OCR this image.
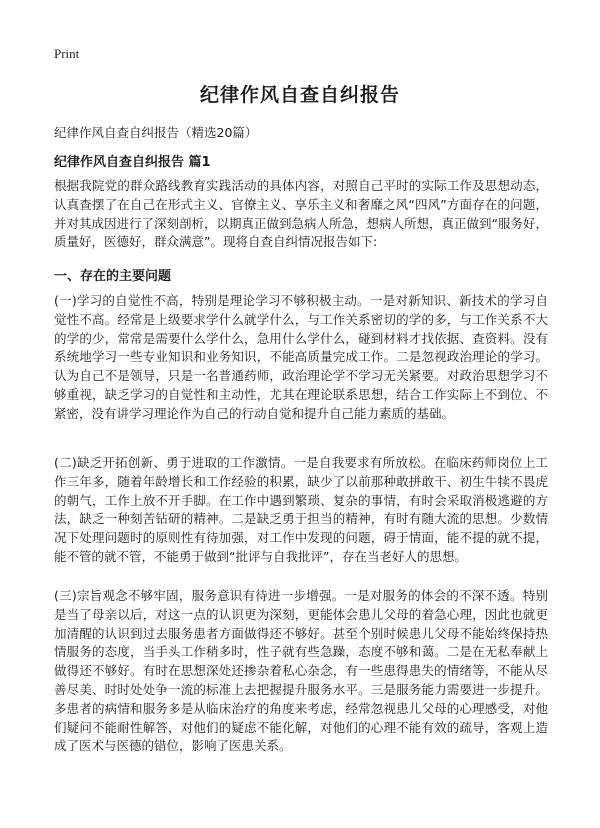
Print
纪律作风自查自纠报告

纪律作风自查自纠报告（精选20篇）

纪律作风自查自纠报告 篇1

根据我院党的群众路线教育实践活动的具体内容，对照自己平时的实际工作及思想动态，认真查摆了在自己在形式主义、官僚主义、享乐主义和奢靡之风“四风”方面存在的问题，并对其成因进行了深刻剖析，以期真正做到急病人所急，想病人所想，真正做到“服务好，质量好，医德好，群众满意”。现将自查自纠情况报告如下:

一、存在的主要问题

(一)学习的自觉性不高，特别是理论学习不够积极主动。一是对新知识、新技术的学习自觉性不高。经常是上级要求学什么就学什么，与工作关系密切的学的多，与工作关系不大的学的少，常常是需要什么学什么，急用什么学什么，碰到材料才找依据、查资料。没有系统地学习一些专业知识和业务知识，不能高质量完成工作。二是忽视政治理论的学习。认为自己不是领导，只是一名普通药师，政治理论学不学习无关紧要。对政治思想学习不够重视，缺乏学习的自觉性和主动性，尤其在理论联系思想，结合工作实际上不到位、不紧密，没有讲学习理论作为自己的行动自觉和提升自己能力素质的基础。

(二)缺乏开拓创新、勇于进取的工作激情。一是自我要求有所放松。在临床药师岗位上工作三年多，随着年龄增长和工作经验的积累，缺少了以前那种敢拼敢干、初生牛犊不畏虎的朝气，工作上放不开手脚。在工作中遇到繁琐、复杂的事情，有时会采取消极逃避的方法，缺乏一种刻苦钻研的精神。二是缺乏勇于担当的精神，有时有随大流的思想。少数情况下处理问题时的原则性有待加强，对工作中发现的问题，碍于情面，能不提的就不提，能不管的就不管，不能勇于做到“批评与自我批评”，存在当老好人的思想。

(三)宗旨观念不够牢固，服务意识有待进一步增强。一是对服务的体会的不深不透。特别是当了母亲以后，对这一点的认识更为深刻，更能体会患儿父母的着急心理，因此也就更加清醒的认识到过去服务患者方面做得还不够好。甚至个别时候患儿父母不能始终保持热情服务的态度，当手头工作稍多时，性子就有些急躁，态度不够和蔼。二是在无私奉献上做得还不够好。有时在思想深处还掺杂着私心杂念，有一些患得患失的情绪等，不能从尽善尽美、时时处处争一流的标准上去把握提升服务水平。三是服务能力需要进一步提升。多患者的病情和服务多是从临床治疗的角度来考虑，经常忽视患儿父母的心理感受，对他们疑问不能耐性解答，对他们的疑虑不能化解，对他们的心理不能有效的疏导，客观上造成了医术与医德的错位，影响了医患关系。
